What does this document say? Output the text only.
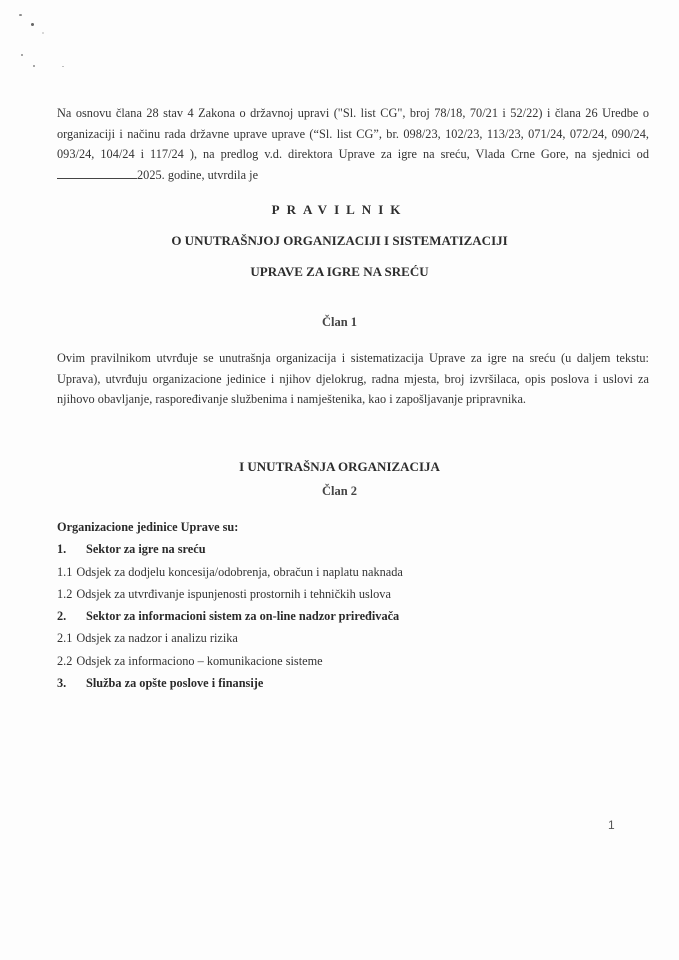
Na osnovu člana 28 stav 4 Zakona o državnoj upravi ("Sl. list CG", broj 78/18, 70/21 i 52/22) i člana 26 Uredbe o organizaciji i načinu rada državne uprave uprave (“Sl. list CG”, br. 098/23, 102/23, 113/23, 071/24, 072/24, 090/24, 093/24, 104/24 i 117/24 ), na predlog v.d. direktora Uprave za igre na sreću, Vlada Crne Gore, na sjednici od 2025. godine, utvrdila je
PRAVILNIK
O UNUTRAŠNJOJ ORGANIZACIJI I SISTEMATIZACIJI
UPRAVE ZA IGRE NA SREĆU
Član 1
Ovim pravilnikom utvrđuje se unutrašnja organizacija i sistematizacija Uprave za igre na sreću (u daljem tekstu: Uprava), utvrđuju organizacione jedinice i njihov djelokrug, radna mjesta, broj izvršilaca, opis poslova i uslovi za njihovo obavljanje, raspoređivanje službenima i namještenika, kao i zapošljavanje pripravnika.
I UNUTRAŠNJA ORGANIZACIJA
Član 2
Organizacione jedinice Uprave su:
1. Sektor za igre na sreću
1.1 Odsjek za dodjelu koncesija/odobrenja, obračun i naplatu naknada
1.2 Odsjek za utvrđivanje ispunjenosti prostornih i tehničkih uslova
2. Sektor za informacioni sistem za on-line nadzor priređivača
2.1 Odsjek za nadzor i analizu rizika
2.2 Odsjek za informaciono – komunikacione sisteme
3. Služba za opšte poslove i finansije
1
